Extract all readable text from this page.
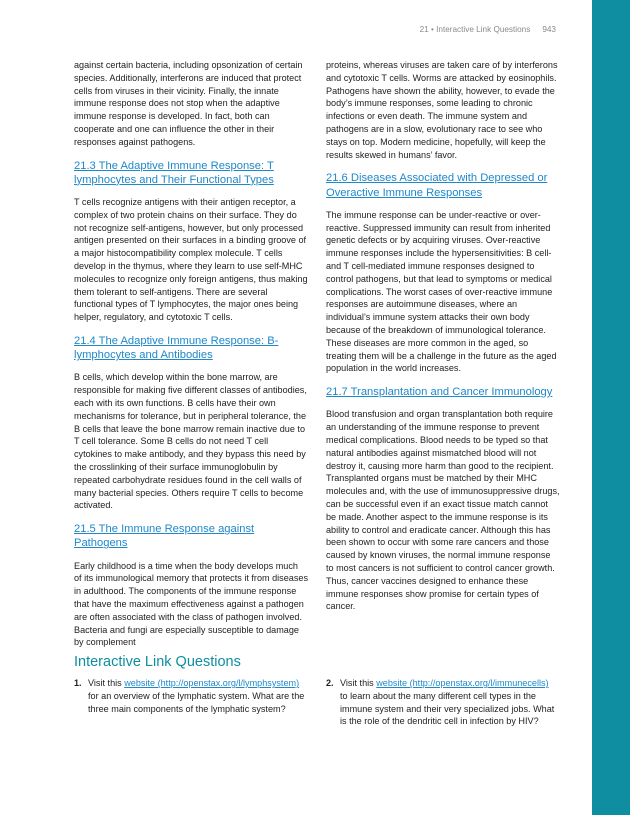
21 • Interactive Link Questions 943

against certain bacteria, including opsonization of certain species. Additionally, interferons are induced that protect cells from viruses in their vicinity. Finally, the innate immune response does not stop when the adaptive immune response is developed. In fact, both can cooperate and one can influence the other in their responses against pathogens.

21.3 The Adaptive Immune Response: T lymphocytes and Their Functional Types

T cells recognize antigens with their antigen receptor, a complex of two protein chains on their surface. They do not recognize self-antigens, however, but only processed antigen presented on their surfaces in a binding groove of a major histocompatibility complex molecule. T cells develop in the thymus, where they learn to use self-MHC molecules to recognize only foreign antigens, thus making them tolerant to self-antigens. There are several functional types of T lymphocytes, the major ones being helper, regulatory, and cytotoxic T cells.

21.4 The Adaptive Immune Response: B-lymphocytes and Antibodies

B cells, which develop within the bone marrow, are responsible for making five different classes of antibodies, each with its own functions. B cells have their own mechanisms for tolerance, but in peripheral tolerance, the B cells that leave the bone marrow remain inactive due to T cell tolerance. Some B cells do not need T cell cytokines to make antibody, and they bypass this need by the crosslinking of their surface immunoglobulin by repeated carbohydrate residues found in the cell walls of many bacterial species. Others require T cells to become activated.

21.5 The Immune Response against Pathogens

Early childhood is a time when the body develops much of its immunological memory that protects it from diseases in adulthood. The components of the immune response that have the maximum effectiveness against a pathogen are often associated with the class of pathogen involved. Bacteria and fungi are especially susceptible to damage by complement

proteins, whereas viruses are taken care of by interferons and cytotoxic T cells. Worms are attacked by eosinophils. Pathogens have shown the ability, however, to evade the body’s immune responses, some leading to chronic infections or even death. The immune system and pathogens are in a slow, evolutionary race to see who stays on top. Modern medicine, hopefully, will keep the results skewed in humans’ favor.

21.6 Diseases Associated with Depressed or Overactive Immune Responses

The immune response can be under-reactive or over-reactive. Suppressed immunity can result from inherited genetic defects or by acquiring viruses. Over-reactive immune responses include the hypersensitivities: B cell- and T cell-mediated immune responses designed to control pathogens, but that lead to symptoms or medical complications. The worst cases of over-reactive immune responses are autoimmune diseases, where an individual’s immune system attacks their own body because of the breakdown of immunological tolerance. These diseases are more common in the aged, so treating them will be a challenge in the future as the aged population in the world increases.

21.7 Transplantation and Cancer Immunology

Blood transfusion and organ transplantation both require an understanding of the immune response to prevent medical complications. Blood needs to be typed so that natural antibodies against mismatched blood will not destroy it, causing more harm than good to the recipient. Transplanted organs must be matched by their MHC molecules and, with the use of immunosuppressive drugs, can be successful even if an exact tissue match cannot be made. Another aspect to the immune response is its ability to control and eradicate cancer. Although this has been shown to occur with some rare cancers and those caused by known viruses, the normal immune response to most cancers is not sufficient to control cancer growth. Thus, cancer vaccines designed to enhance these immune responses show promise for certain types of cancer.

Interactive Link Questions
1. Visit this website (http://openstax.org/l/lymphsystem) for an overview of the lymphatic system. What are the three main components of the lymphatic system?
2. Visit this website (http://openstax.org/l/immunecells) to learn about the many different cell types in the immune system and their very specialized jobs. What is the role of the dendritic cell in infection by HIV?
